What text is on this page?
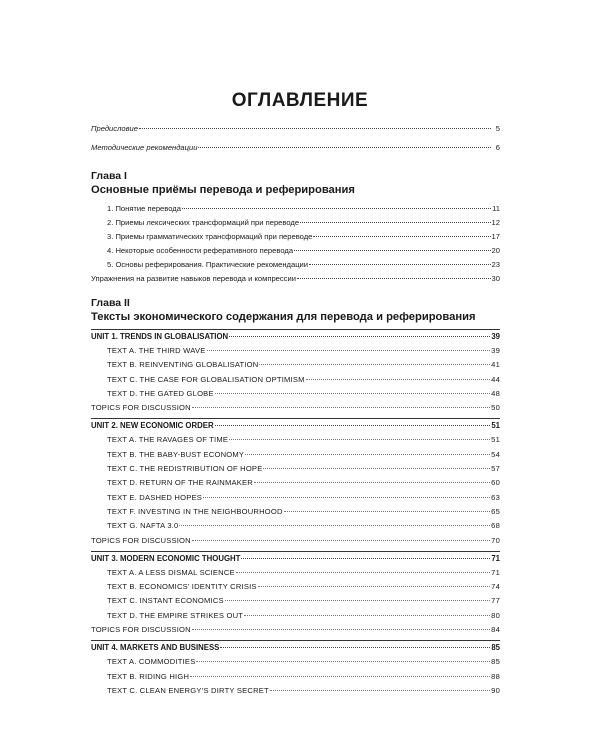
ОГЛАВЛЕНИЕ
Предисловие	5
Методические рекомендации	6
Глава I
Основные приёмы перевода и реферирования
1. Понятие перевода	11
2. Приемы лексических трансформаций при переводе	12
3. Приемы грамматических трансформаций при переводе	17
4. Некоторые особенности реферативного перевода	20
5. Основы реферирования. Практические рекомендации	23
Упражнения на развитие навыков перевода и компрессии	30
Глава II
Тексты экономического содержания для перевода и реферирования
UNIT 1. TRENDS IN GLOBALISATION	39
TEXT A. THE THIRD WAVE	39
TEXT B. REINVENTING GLOBALISATION	41
TEXT C. THE CASE FOR GLOBALISATION OPTIMISM	44
TEXT D. THE GATED GLOBE	48
TOPICS FOR DISCUSSION	50
UNIT 2. NEW ECONOMIC ORDER	51
TEXT A. THE RAVAGES OF TIME	51
TEXT B. THE BABY-BUST ECONOMY	54
TEXT C. THE REDISTRIBUTION OF HOPE	57
TEXT D. RETURN OF THE RAINMAKER	60
TEXT E. DASHED HOPES	63
TEXT F. INVESTING IN THE NEIGHBOURHOOD	65
TEXT G. NAFTA 3.0	68
TOPICS FOR DISCUSSION	70
UNIT 3. MODERN ECONOMIC THOUGHT	71
TEXT A. A LESS DISMAL SCIENCE	71
TEXT B. ECONOMICS’ IDENTITY CRISIS	74
TEXT C. INSTANT ECONOMICS	77
TEXT D. THE EMPIRE STRIKES OUT	80
TOPICS FOR DISCUSSION	84
UNIT 4. MARKETS AND BUSINESS	85
TEXT A. COMMODITIES	85
TEXT B. RIDING HIGH	88
TEXT C. CLEAN ENERGY’S DIRTY SECRET	90
